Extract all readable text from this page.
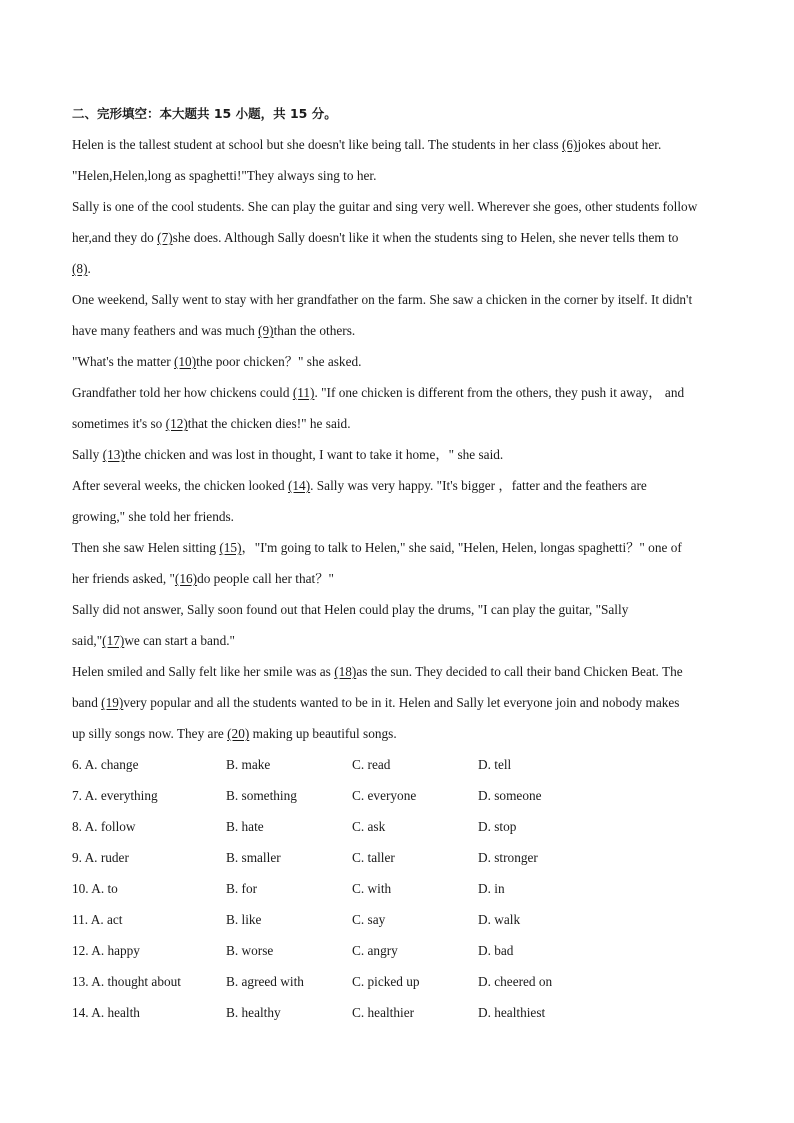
二、完形填空：本大题共 15 小题，共 15 分。
Helen is the tallest student at school but she doesn't like being tall. The students in her class (6)jokes about her.
"Helen,Helen,long as spaghetti!"They always sing to her.
Sally is one of the cool students. She can play the guitar and sing very well. Wherever she goes, other students follow
her,and they do (7)she does. Although Sally doesn't like it when the students sing to Helen, she never tells them to
(8).
One weekend, Sally went to stay with her grandfather on the farm. She saw a chicken in the corner by itself. It didn't
have many feathers and was much (9)than the others.
"What's the matter (10)the poor chicken？" she asked.
Grandfather told her how chickens could (11). "If one chicken is different from the others, they push it away， and
sometimes it's so (12)that the chicken dies!" he said.
Sally (13)the chicken and was lost in thought, I want to take it home，" she said.
After several weeks, the chicken looked (14). Sally was very happy. "It's bigger ，fatter and the feathers are
growing," she told her friends.
Then she saw Helen sitting (15)，"I'm going to talk to Helen," she said, "Helen, Helen, longas spaghetti？" one of
her friends asked, "(16)do people call her that？"
Sally did not answer, Sally soon found out that Helen could play the drums, "I can play the guitar, "Sally
said,"(17)we can start a band."
Helen smiled and Sally felt like her smile was as (18)as the sun. They decided to call their band Chicken Beat. The
band (19)very popular and all the students wanted to be in it. Helen and Sally let everyone join and nobody makes
up silly songs now. They are (20) making up beautiful songs.
6. A. change	B. make	C. read	D. tell
7. A. everything	B. something	C. everyone	D. someone
8. A. follow	B. hate	C. ask	D. stop
9. A. ruder	B. smaller	C. taller	D. stronger
10. A. to	B. for	C. with	D. in
11. A. act	B. like	C. say	D. walk
12. A. happy	B. worse	C. angry	D. bad
13. A. thought about	B. agreed with	C. picked up	D. cheered on
14. A. health	B. healthy	C. healthier	D. healthiest
